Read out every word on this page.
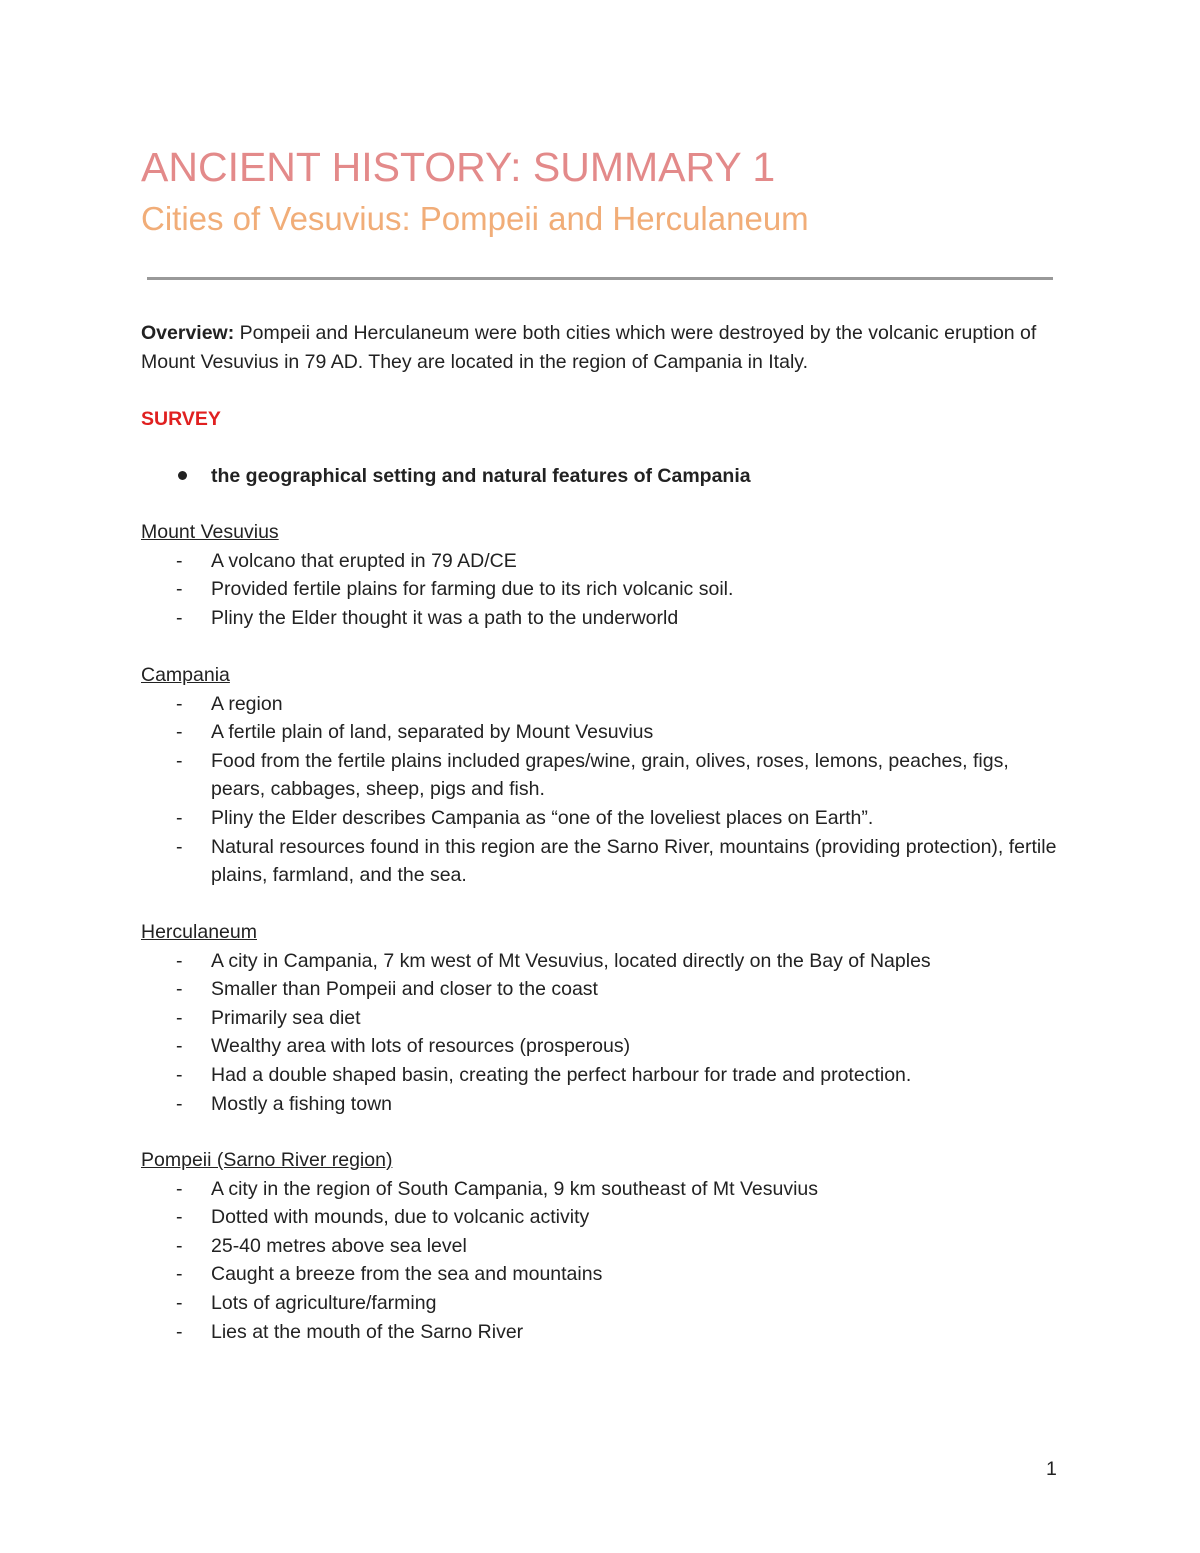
ANCIENT HISTORY: SUMMARY 1
Cities of Vesuvius: Pompeii and Herculaneum
Overview: Pompeii and Herculaneum were both cities which were destroyed by the volcanic eruption of Mount Vesuvius in 79 AD. They are located in the region of Campania in Italy.
SURVEY
the geographical setting and natural features of Campania
Mount Vesuvius
- A volcano that erupted in 79 AD/CE
- Provided fertile plains for farming due to its rich volcanic soil.
- Pliny the Elder thought it was a path to the underworld
Campania
- A region
- A fertile plain of land, separated by Mount Vesuvius
- Food from the fertile plains included grapes/wine, grain, olives, roses, lemons, peaches, figs, pears, cabbages, sheep, pigs and fish.
- Pliny the Elder describes Campania as “one of the loveliest places on Earth”.
- Natural resources found in this region are the Sarno River, mountains (providing protection), fertile plains, farmland, and the sea.
Herculaneum
- A city in Campania, 7 km west of Mt Vesuvius, located directly on the Bay of Naples
- Smaller than Pompeii and closer to the coast
- Primarily sea diet
- Wealthy area with lots of resources (prosperous)
- Had a double shaped basin, creating the perfect harbour for trade and protection.
- Mostly a fishing town
Pompeii (Sarno River region)
- A city in the region of South Campania, 9 km southeast of Mt Vesuvius
- Dotted with mounds, due to volcanic activity
- 25-40 metres above sea level
- Caught a breeze from the sea and mountains
- Lots of agriculture/farming
- Lies at the mouth of the Sarno River
1
